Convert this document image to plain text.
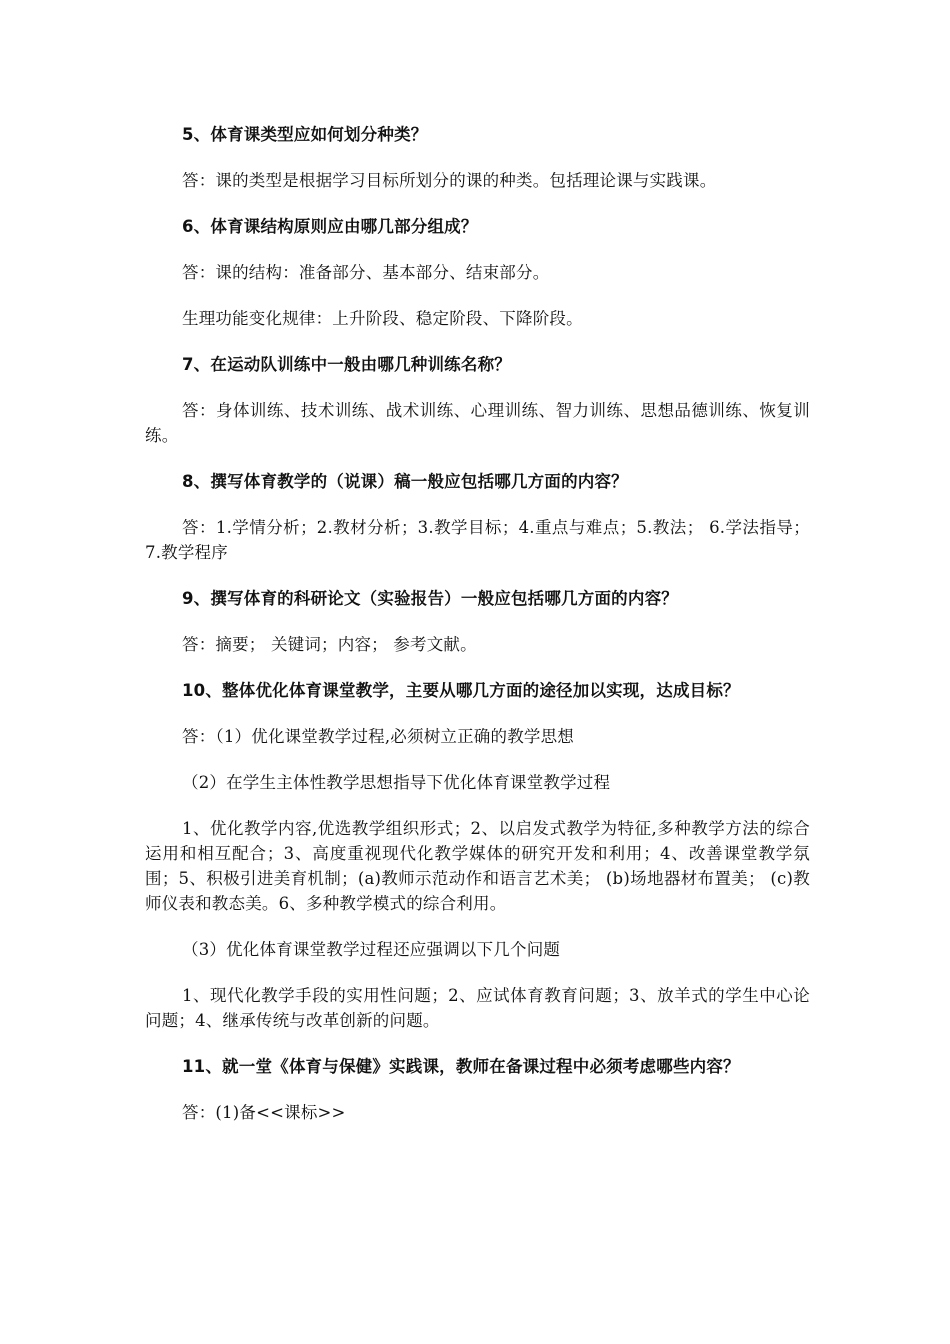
5、体育课类型应如何划分种类？

答：课的类型是根据学习目标所划分的课的种类。包括理论课与实践课。

6、体育课结构原则应由哪几部分组成？

答：课的结构：准备部分、基本部分、结束部分。

生理功能变化规律：上升阶段、稳定阶段、下降阶段。

7、在运动队训练中一般由哪几种训练名称？

答：身体训练、技术训练、战术训练、心理训练、智力训练、思想品德训练、恢复训练。

8、撰写体育教学的（说课）稿一般应包括哪几方面的内容？

答：1.学情分析；2.教材分析；3.教学目标；4.重点与难点；5.教法； 6.学法指导；7.教学程序

9、撰写体育的科研论文（实验报告）一般应包括哪几方面的内容？

答：摘要； 关键词；内容； 参考文献。

10、整体优化体育课堂教学，主要从哪几方面的途径加以实现，达成目标？

答：（1）优化课堂教学过程,必须树立正确的教学思想

（2）在学生主体性教学思想指导下优化体育课堂教学过程

1、优化教学内容,优选教学组织形式；2、以启发式教学为特征,多种教学方法的综合运用和相互配合；3、高度重视现代化教学媒体的研究开发和利用；4、改善课堂教学氛围；5、积极引进美育机制；(a)教师示范动作和语言艺术美； (b)场地器材布置美； (c)教师仪表和教态美。6、多种教学模式的综合利用。

（3）优化体育课堂教学过程还应强调以下几个问题

1、现代化教学手段的实用性问题；2、应试体育教育问题；3、放羊式的学生中心论问题；4、继承传统与改革创新的问题。

11、就一堂《体育与保健》实践课，教师在备课过程中必须考虑哪些内容？

答：(1)备<<课标>>
